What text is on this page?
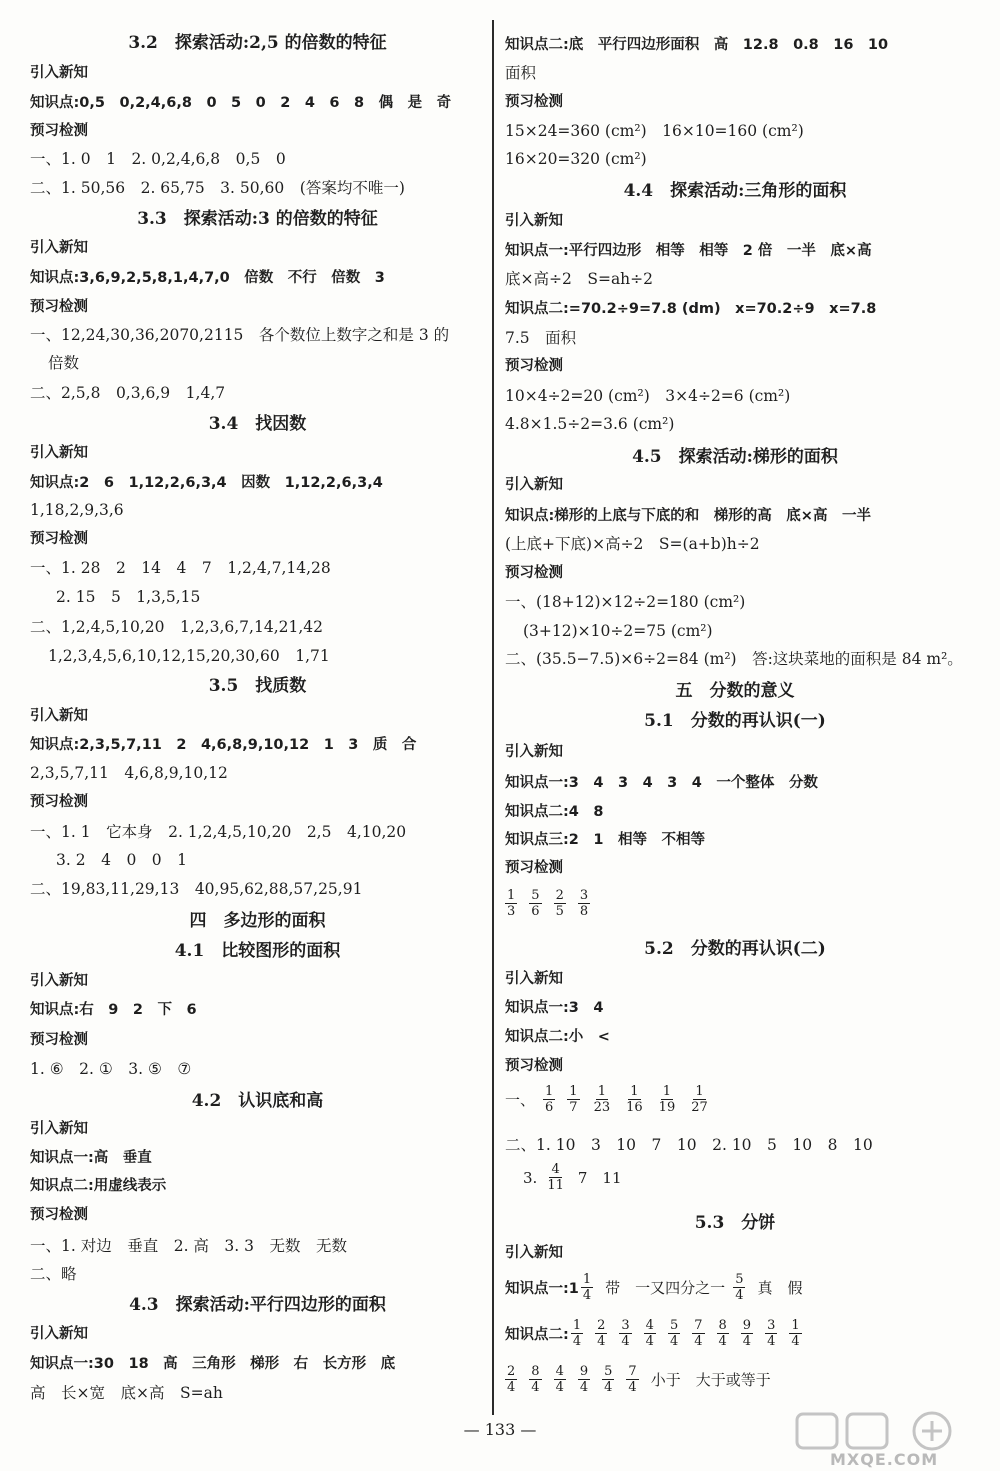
3.2　探索活动:2,5 的倍数的特征
引入新知
知识点:0,5　0,2,4,6,8　0　5　0　2　4　6　8　偶　是　奇
预习检测
一、1. 0　1　2. 0,2,4,6,8　0,5　0
二、1. 50,56　2. 65,75　3. 50,60　(答案均不唯一)
3.3　探索活动:3 的倍数的特征
引入新知
知识点:3,6,9,2,5,8,1,4,7,0　倍数　不行　倍数　3
预习检测
一、12,24,30,36,2070,2115　各个数位上数字之和是 3 的
倍数
二、2,5,8　0,3,6,9　1,4,7
3.4　找因数
引入新知
知识点:2　6　1,12,2,6,3,4　因数　1,12,2,6,3,4
1,18,2,9,3,6
预习检测
一、1. 28　2　14　4　7　1,2,4,7,14,28
2. 15　5　1,3,5,15
二、1,2,4,5,10,20　1,2,3,6,7,14,21,42
1,2,3,4,5,6,10,12,15,20,30,60　1,71
3.5　找质数
引入新知
知识点:2,3,5,7,11　2　4,6,8,9,10,12　1　3　质　合
2,3,5,7,11　4,6,8,9,10,12
预习检测
一、1. 1　它本身　2. 1,2,4,5,10,20　2,5　4,10,20
3. 2　4　0　0　1
二、19,83,11,29,13　40,95,62,88,57,25,91
四　多边形的面积
4.1　比较图形的面积
引入新知
知识点:右　9　2　下　6
预习检测
1. ⑥　2. ①　3. ⑤　⑦
4.2　认识底和高
引入新知
知识点一:高　垂直
知识点二:用虚线表示
预习检测
一、1. 对边　垂直　2. 高　3. 3　无数　无数
二、略
4.3　探索活动:平行四边形的面积
引入新知
知识点一:30　18　高　三角形　梯形　右　长方形　底
高　长×宽　底×高　S=ah
知识点二:底　平行四边形面积　高　12.8　0.8　16　10
面积
预习检测
15×24=360 (cm²)　16×10=160 (cm²)
16×20=320 (cm²)
4.4　探索活动:三角形的面积
引入新知
知识点一:平行四边形　相等　相等　2 倍　一半　底×高
底×高÷2　S=ah÷2
知识点二:=70.2÷9=7.8 (dm)　x=70.2÷9　x=7.8
7.5　面积
预习检测
10×4÷2=20 (cm²)　3×4÷2=6 (cm²)
4.8×1.5÷2=3.6 (cm²)
4.5　探索活动:梯形的面积
引入新知
知识点:梯形的上底与下底的和　梯形的高　底×高　一半
(上底+下底)×高÷2　S=(a+b)h÷2
预习检测
一、(18+12)×12÷2=180 (cm²)
(3+12)×10÷2=75 (cm²)
二、(35.5−7.5)×6÷2=84 (m²)　答:这块菜地的面积是 84 m²。
五　分数的意义
5.1　分数的再认识(一)
引入新知
知识点一:3　4　3　4　3　4　一个整体　分数
知识点二:4　8
知识点三:2　1　相等　不相等
预习检测
$\frac{1}{3} \frac{5}{6} \frac{2}{5} \frac{3}{8}$
5.2　分数的再认识(二)
引入新知
知识点一:3　4
知识点二:小　<
预习检测
一、 $\frac{1}{6} \frac{1}{7} \frac{1}{23} \frac{1}{16} \frac{1}{19} \frac{1}{27}$
二、1. 10　3　10　7　10　2. 10　5　10　8　10
3. $\frac{4}{11} 7$　11
5.3　分饼
引入新知
知识点一:1 $\frac{1}{4}$ 带　一又四分之一 $\frac{5}{4}$ 真　假
知识点二: $\frac{1}{4} \frac{2}{4} \frac{3}{4} \frac{4}{4} \frac{5}{4} \frac{7}{4} \frac{8}{4} \frac{9}{4} \frac{3}{4} \frac{1}{4}$
$\frac{2}{4} \frac{8}{4} \frac{4}{4} \frac{9}{4} \frac{5}{4} \frac{7}{4}$ 小于　大于或等于
— 133 —
MXQE.COM
